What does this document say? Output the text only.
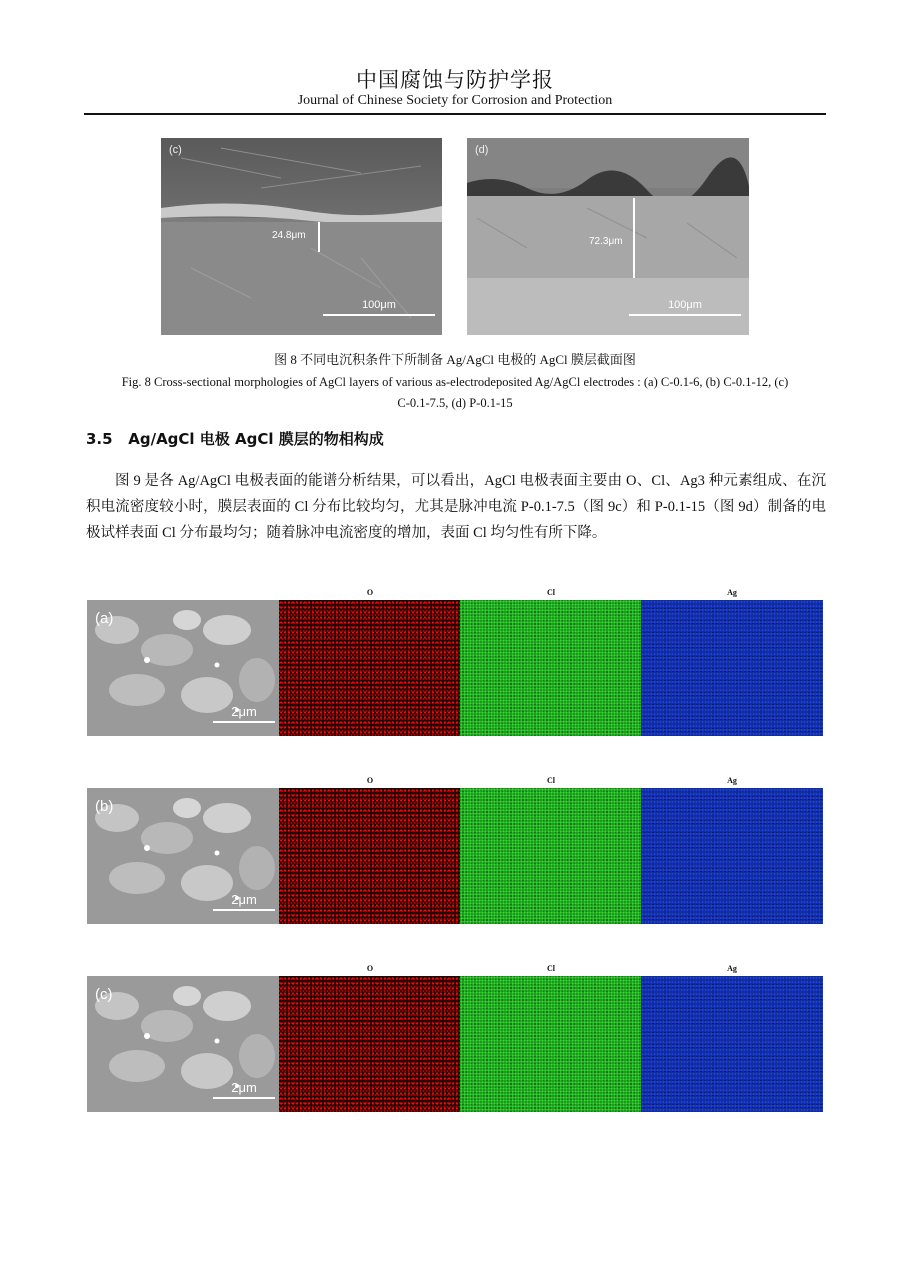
中国腐蚀与防护学报
Journal of Chinese Society for Corrosion and Protection
(c)
24.8μm
100μm
(d)
72.3μm
100μm
图 8 不同电沉积条件下所制备 Ag/AgCl 电极的 AgCl 膜层截面图
Fig. 8 Cross-sectional morphologies of AgCl layers of various as-electrodeposited Ag/AgCl electrodes : (a) C-0.1-6, (b) C-0.1-12, (c) C-0.1-7.5, (d) P-0.1-15
3.5 Ag/AgCl 电极 AgCl 膜层的物相构成

图 9 是各 Ag/AgCl 电极表面的能谱分析结果，可以看出，AgCl 电极表面主要由 O、Cl、Ag3 种元素组成、在沉积电流密度较小时，膜层表面的 Cl 分布比较均匀，尤其是脉冲电流 P-0.1-7.5（图 9c）和 P-0.1-15（图 9d）制备的电极试样表面 Cl 分布最均匀；随着脉冲电流密度的增加，表面 Cl 均匀性有所下降。

(a)
2μm
O	Cl	Ag
(b)
2μm
O	Cl	Ag
(c)
2μm
O	Cl	Ag
